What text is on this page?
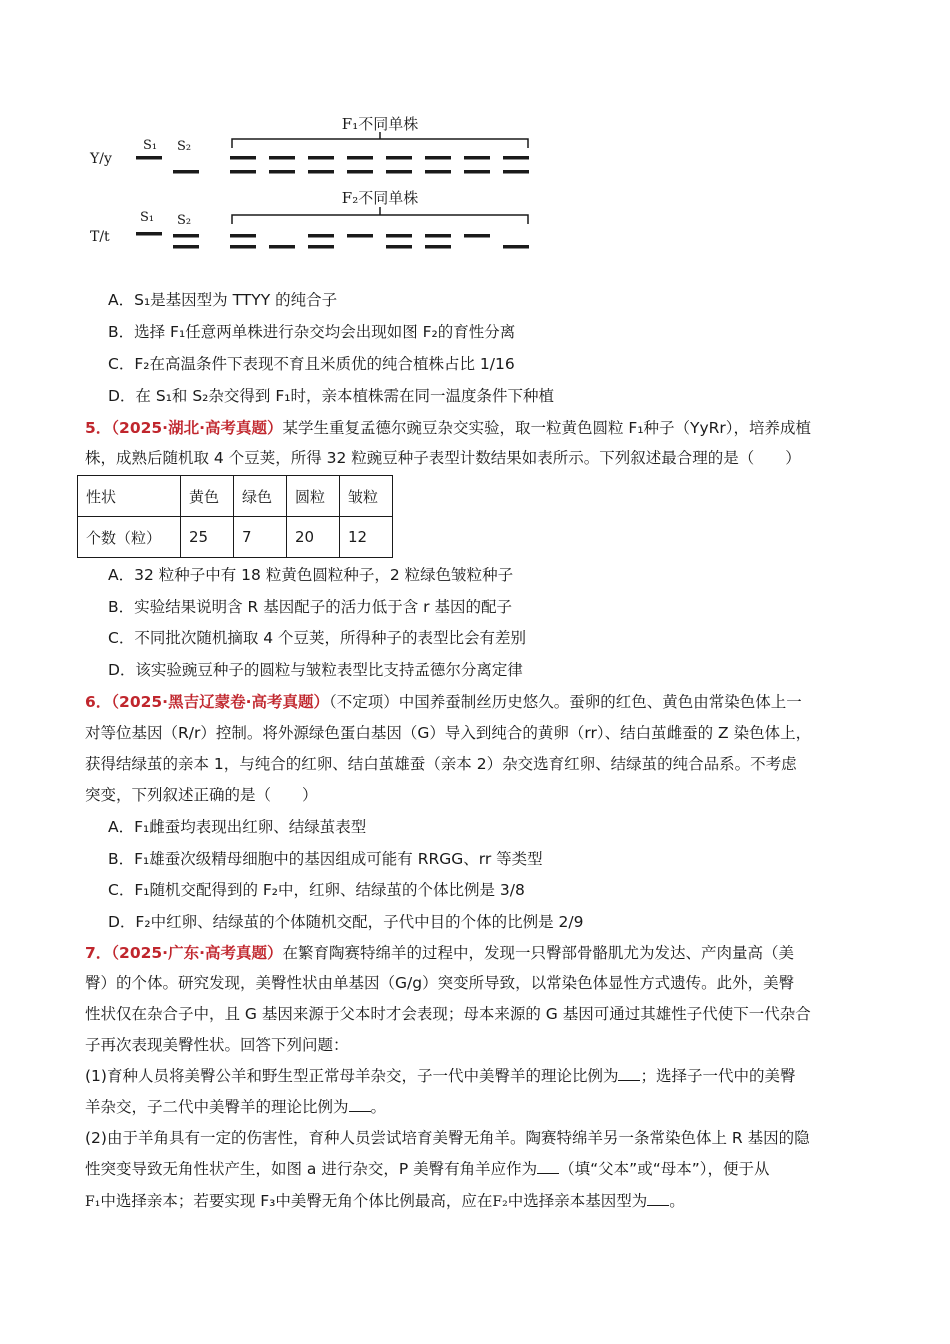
F₁不同单株
F₂不同单株
Y/y
T/t
S₁ S₂
S₁ S₂
A．S₁是基因型为 TTYY 的纯合子
B．选择 F₁任意两单株进行杂交均会出现如图 F₂的育性分离
C．F₂在高温条件下表现不育且米质优的纯合植株占比 1/16
D．在 S₁和 S₂杂交得到 F₁时，亲本植株需在同一温度条件下种植
5．（2025·湖北·高考真题）某学生重复孟德尔豌豆杂交实验，取一粒黄色圆粒 F₁种子（YyRr），培养成植
株，成熟后随机取 4 个豆荚，所得 32 粒豌豆种子表型计数结果如表所示。下列叙述最合理的是（　　）
性状	黄色	绿色	圆粒	皱粒
个数（粒）	25	7	20	12
A．32 粒种子中有 18 粒黄色圆粒种子，2 粒绿色皱粒种子
B．实验结果说明含 R 基因配子的活力低于含 r 基因的配子
C．不同批次随机摘取 4 个豆荚，所得种子的表型比会有差别
D．该实验豌豆种子的圆粒与皱粒表型比支持孟德尔分离定律
6．（2025·黑吉辽蒙卷·高考真题）（不定项）中国养蚕制丝历史悠久。蚕卵的红色、黄色由常染色体上一
对等位基因（R/r）控制。将外源绿色蛋白基因（G）导入到纯合的黄卵（rr）、结白茧雌蚕的 Z 染色体上，
获得结绿茧的亲本 1，与纯合的红卵、结白茧雄蚕（亲本 2）杂交选育红卵、结绿茧的纯合品系。不考虑
突变，下列叙述正确的是（　　）
A．F₁雌蚕均表现出红卵、结绿茧表型
B．F₁雄蚕次级精母细胞中的基因组成可能有 RRGG、rr 等类型
C．F₁随机交配得到的 F₂中，红卵、结绿茧的个体比例是 3/8
D．F₂中红卵、结绿茧的个体随机交配，子代中目的个体的比例是 2/9
7．（2025·广东·高考真题）在繁育陶赛特绵羊的过程中，发现一只臀部骨骼肌尤为发达、产肉量高（美
臀）的个体。研究发现，美臀性状由单基因（G/g）突变所导致，以常染色体显性方式遗传。此外，美臀
性状仅在杂合子中，且 G 基因来源于父本时才会表现；母本来源的 G 基因可通过其雄性子代使下一代杂合
子再次表现美臀性状。回答下列问题：
(1)育种人员将美臀公羊和野生型正常母羊杂交，子一代中美臀羊的理论比例为 ；选择子一代中的美臀
羊杂交，子二代中美臀羊的理论比例为 。
(2)由于羊角具有一定的伤害性，育种人员尝试培育美臀无角羊。陶赛特绵羊另一条常染色体上 R 基因的隐
性突变导致无角性状产生，如图 a 进行杂交，P 美臀有角羊应作为 （填“父本”或“母本”），便于从
F₁中选择亲本；若要实现 F₃中美臀无角个体比例最高，应在F₂中选择亲本基因型为 。
